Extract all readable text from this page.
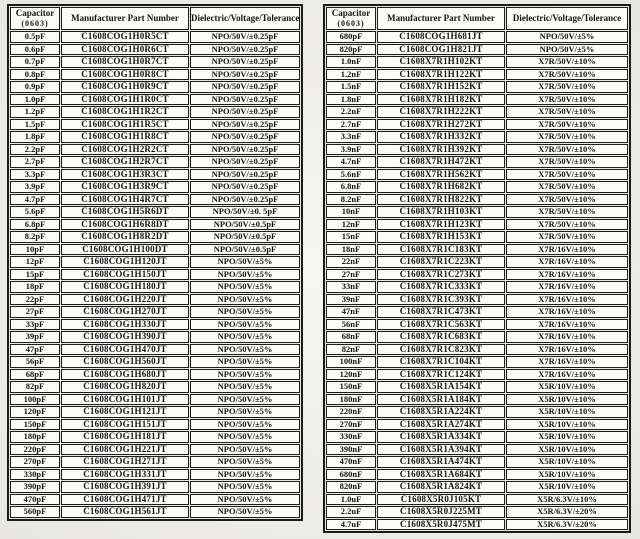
Capacitor
(0603)	Manufacturer Part Number	Dielectric/Voltage/Tolerance
0.5pF	C1608COG1H0R5CT	NPO/50V/±0.25pF
0.6pF	C1608COG1H0R6CT	NPO/50V/±0.25pF
0.7pF	C1608COG1H0R7CT	NPO/50V/±0.25pF
0.8pF	C1608COG1H0R8CT	NPO/50V/±0.25pF
0.9pF	C1608COG1H0R9CT	NPO/50V/±0.25pF
1.0pF	C1608COG1H1R0CT	NPO/50V/±0.25pF
1.2pF	C1608COG1H1R2CT	NPO/50V/±0.25pF
1.5pF	C1608COG1H1R5CT	NPO/50V/±0.25pF
1.8pF	C1608COG1H1R8CT	NPO/50V/±0.25pF
2.2pF	C1608COG1H2R2CT	NPO/50V/±0.25pF
2.7pF	C1608COG1H2R7CT	NPO/50V/±0.25pF
3.3pF	C1608COG1H3R3CT	NPO/50V/±0.25pF
3.9pF	C1608COG1H3R9CT	NPO/50V/±0.25pF
4.7pF	C1608COG1H4R7CT	NPO/50V/±0.25pF
5.6pF	C1608COG1H5R6DT	NPO/50V/±0. 5pF
6.8pF	C1608COG1H6R8DT	NPO/50V/±0.5pF
8.2pF	C1608COG1H8R2DT	NPO/50V/±0.5pF
10pF	C1608COG1H100DT	NPO/50V/±0.5pF
12pF	C1608COG1H120JT	NPO/50V/±5%
15pF	C1608COG1H150JT	NPO/50V/±5%
18pF	C1608COG1H180JT	NPO/50V/±5%
22pF	C1608COG1H220JT	NPO/50V/±5%
27pF	C1608COG1H270JT	NPO/50V/±5%
33pF	C1608COG1H330JT	NPO/50V/±5%
39pF	C1608COG1H390JT	NPO/50V/±5%
47pF	C1608COG1H470JT	NPO/50V/±5%
56pF	C1608COG1H560JT	NPO/50V/±5%
68pF	C1608COG1H680JT	NPO/50V/±5%
82pF	C1608COG1H820JT	NPO/50V/±5%
100pF	C1608COG1H101JT	NPO/50V/±5%
120pF	C1608COG1H121JT	NPO/50V/±5%
150pF	C1608COG1H151JT	NPO/50V/±5%
180pF	C1608COG1H181JT	NPO/50V/±5%
220pF	C1608COG1H221JT	NPO/50V/±5%
270pF	C1608COG1H271JT	NPO/50V/±5%
330pF	C1608COG1H331JT	NPO/50V/±5%
390pF	C1608COG1H391JT	NPO/50V/±5%
470pF	C1608COG1H471JT	NPO/50V/±5%
560pF	C1608COG1H561JT	NPO/50V/±5%
Capacitor
(0603)	Manufacturer Part Number	Dielectric/Voltage/Tolerance
680pF	C1608COG1H681JT	NPO/50V/±5%
820pF	C1608COG1H821JT	NPO/50V/±5%
1.0nF	C1608X7R1H102KT	X7R/50V/±10%
1.2nF	C1608X7R1H122KT	X7R/50V/±10%
1.5nF	C1608X7R1H152KT	X7R/50V/±10%
1.8nF	C1608X7R1H182KT	X7R/50V/±10%
2.2nF	C1608X7R1H222KT	X7R/50V/±10%
2.7nF	C1608X7R1H272KT	X7R/50V/±10%
3.3nF	C1608X7R1H332KT	X7R/50V/±10%
3.9nF	C1608X7R1H392KT	X7R/50V/±10%
4.7nF	C1608X7R1H472KT	X7R/50V/±10%
5.6nF	C1608X7R1H562KT	X7R/50V/±10%
6.8nF	C1608X7R1H682KT	X7R/50V/±10%
8.2nF	C1608X7R1H822KT	X7R/50V/±10%
10nF	C1608X7R1H103KT	X7R/50V/±10%
12nF	C1608X7R1H123KT	X7R/50V/±10%
15nF	C1608X7R1H153KT	X7R/50V/±10%
18nF	C1608X7R1C183KT	X7R/16V/±10%
22nF	C1608X7R1C223KT	X7R/16V/±10%
27nF	C1608X7R1C273KT	X7R/16V/±10%
33nF	C1608X7R1C333KT	X7R/16V/±10%
39nF	C1608X7R1C393KT	X7R/16V/±10%
47nF	C1608X7R1C473KT	X7R/16V/±10%
56nF	C1608X7R1C563KT	X7R/16V/±10%
68nF	C1608X7R1C683KT	X7R/16V/±10%
82nF	C1608X7R1C823KT	X7R/16V/±10%
100nF	C1608X7R1C104KT	X7R/16V/±10%
120nF	C1608X7R1C124KT	X7R/16V/±10%
150nF	C1608X5R1A154KT	X5R/10V/±10%
180nF	C1608X5R1A184KT	X5R/10V/±10%
220nF	C1608X5R1A224KT	X5R/10V/±10%
270nF	C1608X5R1A274KT	X5R/10V/±10%
330nF	C1608X5R1A334KT	X5R/10V/±10%
390nF	C1608X5R1A394KT	X5R/10V/±10%
470nF	C1608X5R1A474KT	X5R/10V/±10%
680nF	C1608X5R1A684KT	X5R/10V/±10%
820nF	C1608X5R1A824KT	X5R/10V/±10%
1.0uF	C1608X5R0J105KT	X5R/6.3V/±10%
2.2uF	C1608X5R0J225MT	X5R/6.3V/±20%
4.7uF	C1608X5R0J475MT	X5R/6.3V/±20%
